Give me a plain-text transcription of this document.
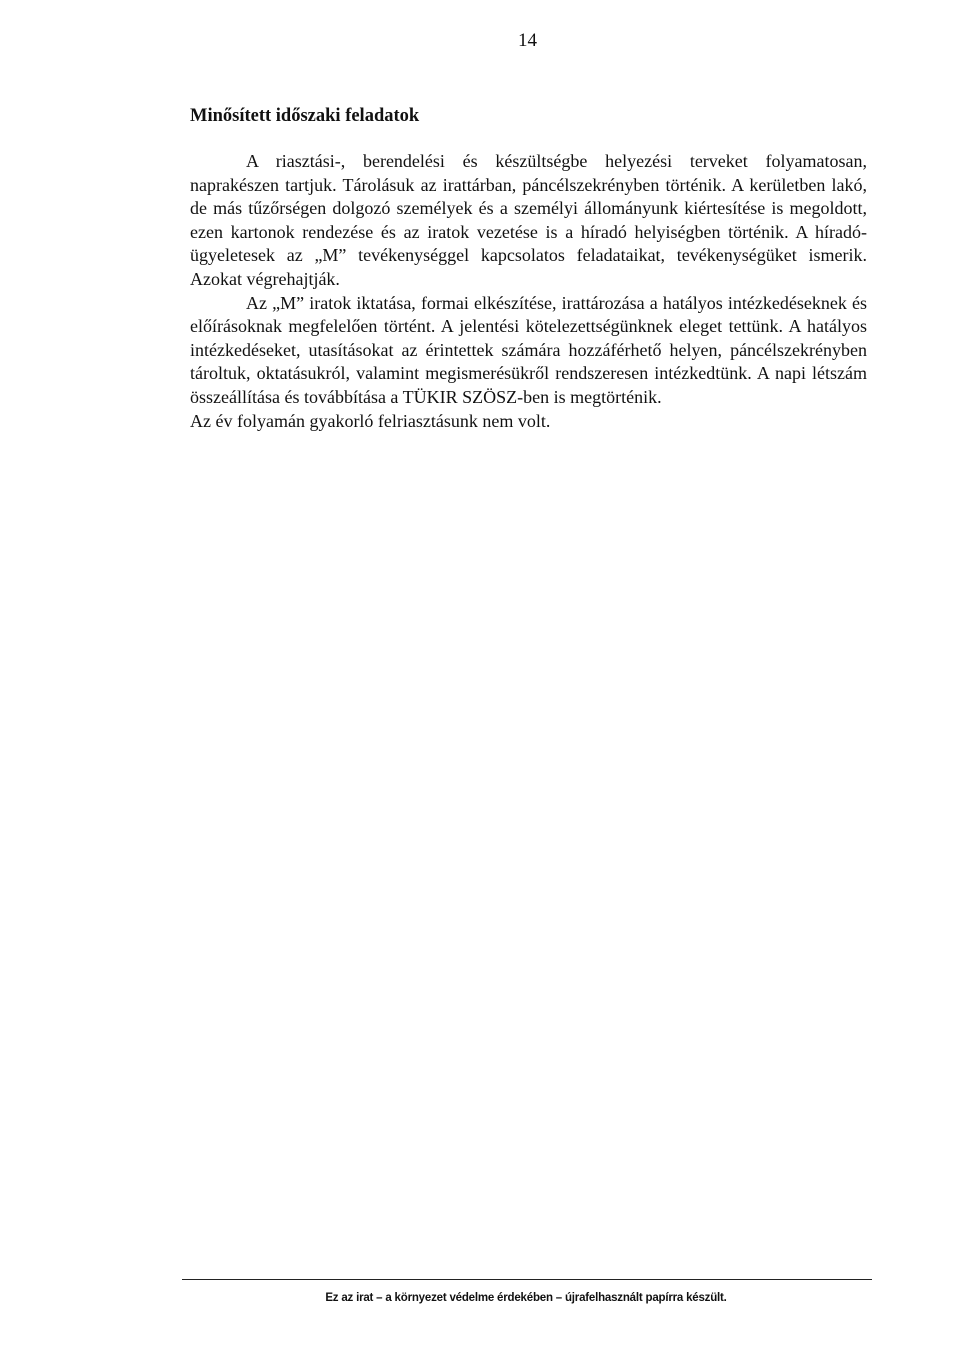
14
Minősített időszaki feladatok

A riasztási-, berendelési és készültségbe helyezési terveket folyamatosan, naprakészen tartjuk. Tárolásuk az irattárban, páncélszekrényben történik. A kerületben lakó, de más tűzőrségen dolgozó személyek és a személyi állományunk kiértesítése is megoldott, ezen kartonok rendezése és az iratok vezetése is a híradó helyiségben történik. A híradó-ügyeletesek az „M” tevékenységgel kapcsolatos feladataikat, tevékenységüket ismerik. Azokat végrehajtják.

Az „M” iratok iktatása, formai elkészítése, irattározása a hatályos intézkedéseknek és előírásoknak megfelelően történt. A jelentési kötelezettségünknek eleget tettünk. A hatályos intézkedéseket, utasításokat az érintettek számára hozzáférhető helyen, páncélszekrényben tároltuk, oktatásukról, valamint megismerésükről rendszeresen intézkedtünk. A napi létszám összeállítása és továbbítása a TÜKIR SZÖSZ-ben is megtörténik.

Az év folyamán gyakorló felriasztásunk nem volt.

Ez az irat – a környezet védelme érdekében – újrafelhasznált papírra készült.
